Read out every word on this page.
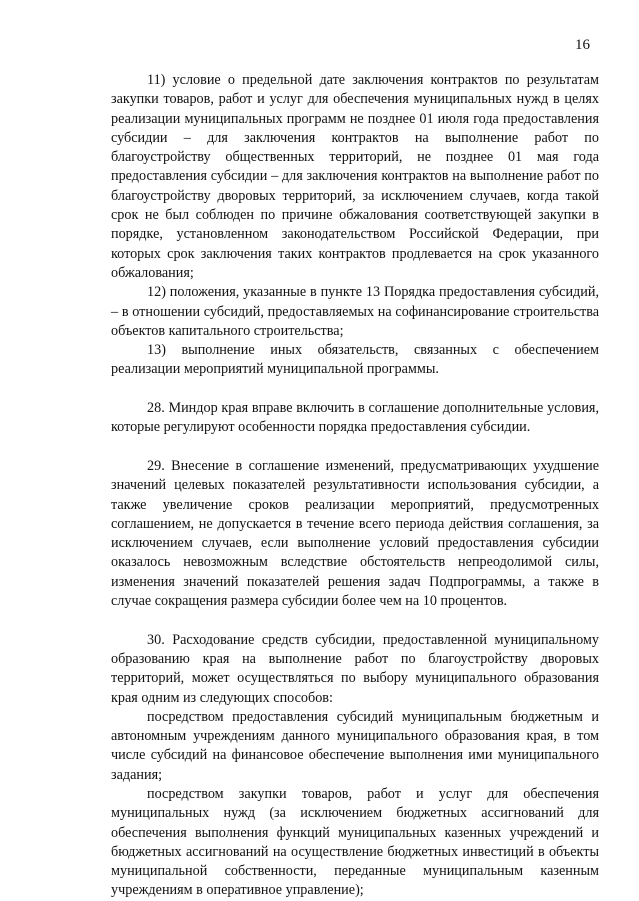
16

11) условие о предельной дате заключения контрактов по результатам закупки товаров, работ и услуг для обеспечения муниципальных нужд в целях реализации муниципальных программ не позднее 01 июля года предоставления субсидии – для заключения контрактов на выполнение работ по благоустройству общественных территорий, не позднее 01 мая года предоставления субсидии – для заключения контрактов на выполнение работ по благоустройству дворовых территорий, за исключением случаев, когда такой срок не был соблюден по причине обжалования соответствующей закупки в порядке, установленном законодательством Российской Федерации, при которых срок заключения таких контрактов продлевается на срок указанного обжалования;

12) положения, указанные в пункте 13 Порядка предоставления субсидий, – в отношении субсидий, предоставляемых на софинансирование строительства объектов капитального строительства;

13) выполнение иных обязательств, связанных с обеспечением реализации мероприятий муниципальной программы.

28. Миндор края вправе включить в соглашение дополнительные условия, которые регулируют особенности порядка предоставления субсидии.

29. Внесение в соглашение изменений, предусматривающих ухудшение значений целевых показателей результативности использования субсидии, а также увеличение сроков реализации мероприятий, предусмотренных соглашением, не допускается в течение всего периода действия соглашения, за исключением случаев, если выполнение условий предоставления субсидии оказалось невозможным вследствие обстоятельств непреодолимой силы, изменения значений показателей решения задач Подпрограммы, а также в случае сокращения размера субсидии более чем на 10 процентов.

30. Расходование средств субсидии, предоставленной муниципальному образованию края на выполнение работ по благоустройству дворовых территорий, может осуществляться по выбору муниципального образования края одним из следующих способов:

посредством предоставления субсидий муниципальным бюджетным и автономным учреждениям данного муниципального образования края, в том числе субсидий на финансовое обеспечение выполнения ими муниципального задания;

посредством закупки товаров, работ и услуг для обеспечения муниципальных нужд (за исключением бюджетных ассигнований для обеспечения выполнения функций муниципальных казенных учреждений и бюджетных ассигнований на осуществление бюджетных инвестиций в объекты муниципальной собственности, переданные муниципальным казенным учреждениям в оперативное управление);
